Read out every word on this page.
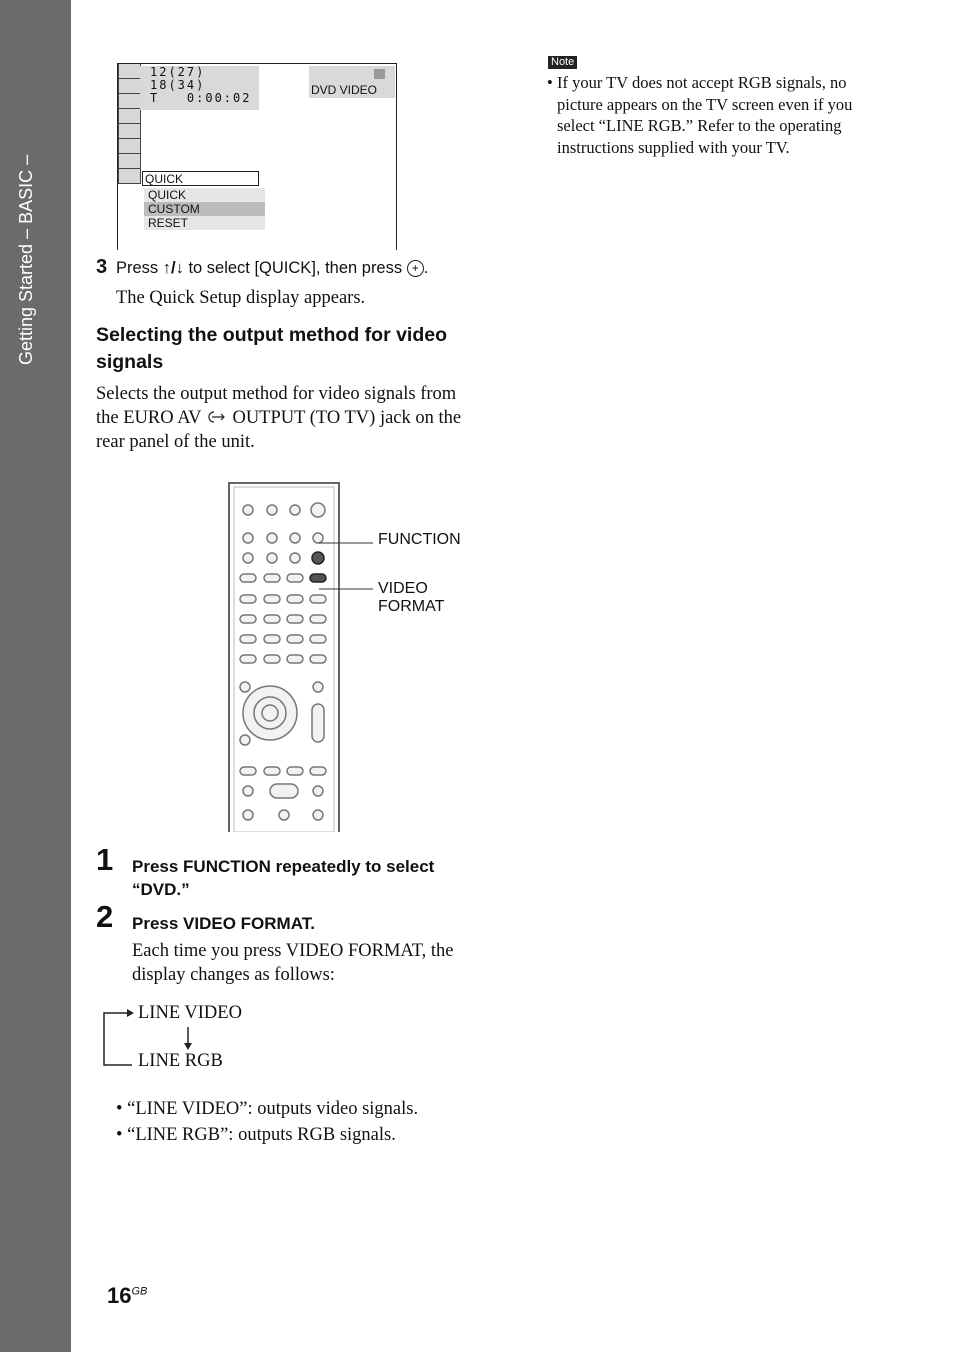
Getting Started – BASIC –
12(27)
18(34)
T   0:00:02
DVD VIDEO
QUICK
QUICK
CUSTOM
RESET
3 Press ↑/↓ to select [QUICK], then press + .
The Quick Setup display appears.
Selecting the output method for video signals
Selects the output method for video signals from the EURO AV  OUTPUT (TO TV) jack on the rear panel of the unit.
FUNCTION
VIDEO
FORMAT
1 Press FUNCTION repeatedly to select “DVD.”
2 Press VIDEO FORMAT.
Each time you press VIDEO FORMAT, the display changes as follows:
LINE VIDEO
LINE RGB
• “LINE VIDEO”: outputs video signals.
• “LINE RGB”: outputs RGB signals.
Note
• If your TV does not accept RGB signals, no picture appears on the TV screen even if you select “LINE RGB.” Refer to the operating instructions supplied with your TV.
$16^{GB}$
